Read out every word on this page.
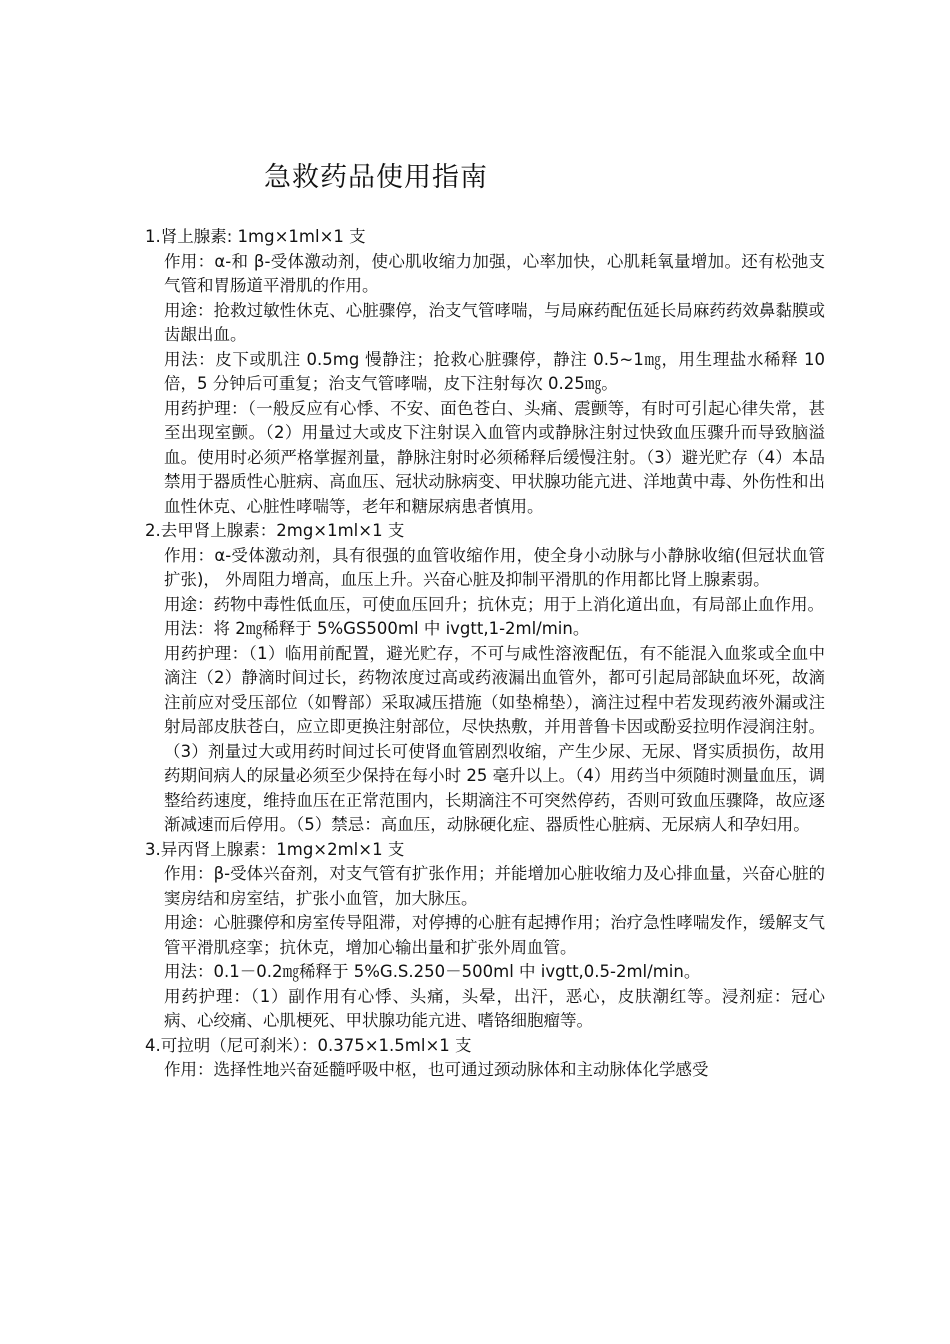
急救药品使用指南

1.肾上腺素: 1mg×1ml×1 支

作用：α-和 β-受体激动剂，使心肌收缩力加强，心率加快，心肌耗氧量增加。还有松弛支气管和胃肠道平滑肌的作用。

用途：抢救过敏性休克、心脏骤停，治支气管哮喘，与局麻药配伍延长局麻药药效鼻黏膜或齿龈出血。

用法：皮下或肌注 0.5mg 慢静注；抢救心脏骤停，静注 0.5~1㎎，用生理盐水稀释 10 倍，5 分钟后可重复；治支气管哮喘，皮下注射每次 0.25㎎。

用药护理：（一般反应有心悸、不安、面色苍白、头痛、震颤等，有时可引起心律失常，甚至出现室颤。（2）用量过大或皮下注射误入血管内或静脉注射过快致血压骤升而导致脑溢血。使用时必须严格掌握剂量，静脉注射时必须稀释后缓慢注射。（3）避光贮存（4）本品禁用于器质性心脏病、高血压、冠状动脉病变、甲状腺功能亢进、洋地黄中毒、外伤性和出血性休克、心脏性哮喘等，老年和糖尿病患者慎用。

2.去甲肾上腺素：2mg×1ml×1 支

作用：α-受体激动剂，具有很强的血管收缩作用，使全身小动脉与小静脉收缩(但冠状血管扩张)， 外周阻力增高，血压上升。兴奋心脏及抑制平滑肌的作用都比肾上腺素弱。

用途：药物中毒性低血压，可使血压回升；抗休克；用于上消化道出血，有局部止血作用。

用法：将 2㎎稀释于 5%GS500ml 中 ivgtt,1-2ml/min。

用药护理：（1）临用前配置，避光贮存，不可与咸性溶液配伍，有不能混入血浆或全血中滴注（2）静滴时间过长，药物浓度过高或药液漏出血管外，都可引起局部缺血坏死，故滴注前应对受压部位（如臀部）采取减压措施（如垫棉垫），滴注过程中若发现药液外漏或注射局部皮肤苍白，应立即更换注射部位，尽快热敷，并用普鲁卡因或酚妥拉明作浸润注射。（3）剂量过大或用药时间过长可使肾血管剧烈收缩，产生少尿、无尿、肾实质损伤，故用药期间病人的尿量必须至少保持在每小时 25 毫升以上。（4）用药当中须随时测量血压，调整给药速度，维持血压在正常范围内，长期滴注不可突然停药，否则可致血压骤降，故应逐渐减速而后停用。（5）禁忌：高血压，动脉硬化症、器质性心脏病、无尿病人和孕妇用。

3.异丙肾上腺素：1mg×2ml×1 支

作用：β-受体兴奋剂，对支气管有扩张作用；并能增加心脏收缩力及心排血量，兴奋心脏的窦房结和房室结，扩张小血管，加大脉压。

用途：心脏骤停和房室传导阻滞，对停搏的心脏有起搏作用；治疗急性哮喘发作，缓解支气管平滑肌痉挛；抗休克，增加心输出量和扩张外周血管。

用法：0.1－0.2㎎稀释于 5%G.S.250－500ml 中 ivgtt,0.5-2ml/min。

用药护理：（1）副作用有心悸、头痛，头晕，出汗，恶心，皮肤潮红等。浸剂症：冠心病、心绞痛、心肌梗死、甲状腺功能亢进、嗜铬细胞瘤等。

4.可拉明（尼可刹米）：0.375×1.5ml×1 支

作用：选择性地兴奋延髓呼吸中枢，也可通过颈动脉体和主动脉体化学感受
